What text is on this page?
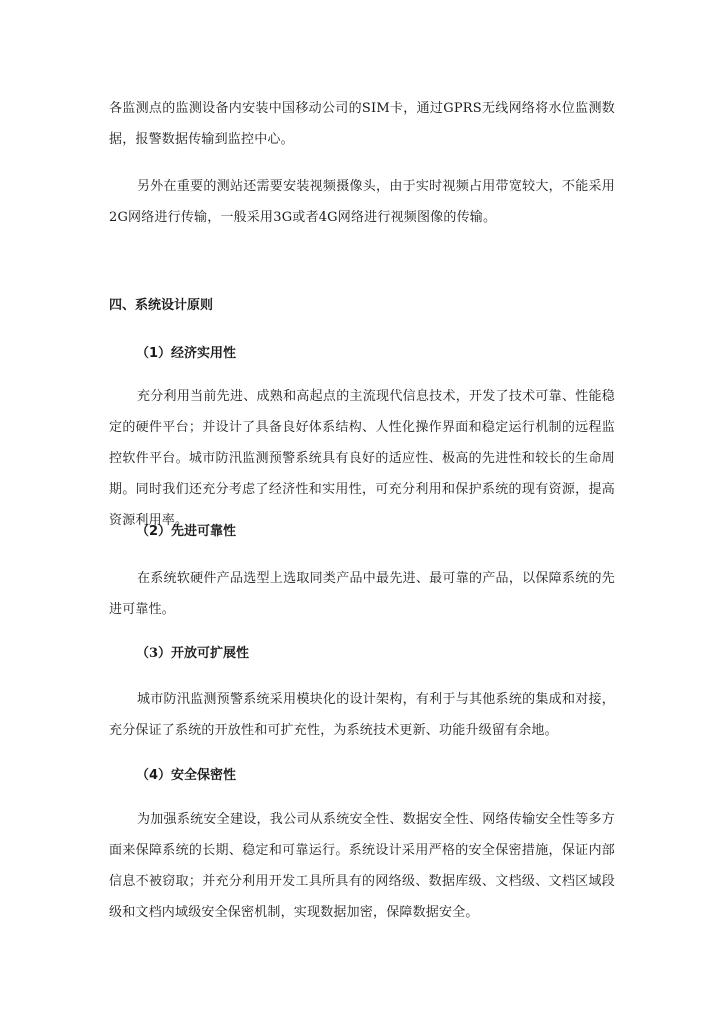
各监测点的监测设备内安装中国移动公司的SIM卡，通过GPRS无线网络将水位监测数据，报警数据传输到监控中心。

另外在重要的测站还需要安装视频摄像头，由于实时视频占用带宽较大，不能采用2G网络进行传输，一般采用3G或者4G网络进行视频图像的传输。

四、系统设计原则
（1）经济实用性

充分利用当前先进、成熟和高起点的主流现代信息技术，开发了技术可靠、性能稳定的硬件平台；并设计了具备良好体系结构、人性化操作界面和稳定运行机制的远程监控软件平台。城市防汛监测预警系统具有良好的适应性、极高的先进性和较长的生命周期。同时我们还充分考虑了经济性和实用性，可充分利用和保护系统的现有资源，提高资源利用率。

（2）先进可靠性

在系统软硬件产品选型上选取同类产品中最先进、最可靠的产品，以保障系统的先进可靠性。

（3）开放可扩展性

城市防汛监测预警系统采用模块化的设计架构，有利于与其他系统的集成和对接，充分保证了系统的开放性和可扩充性，为系统技术更新、功能升级留有余地。

（4）安全保密性

为加强系统安全建设，我公司从系统安全性、数据安全性、网络传输安全性等多方面来保障系统的长期、稳定和可靠运行。系统设计采用严格的安全保密措施，保证内部信息不被窃取；并充分利用开发工具所具有的网络级、数据库级、文档级、文档区域段级和文档内域级安全保密机制，实现数据加密，保障数据安全。
